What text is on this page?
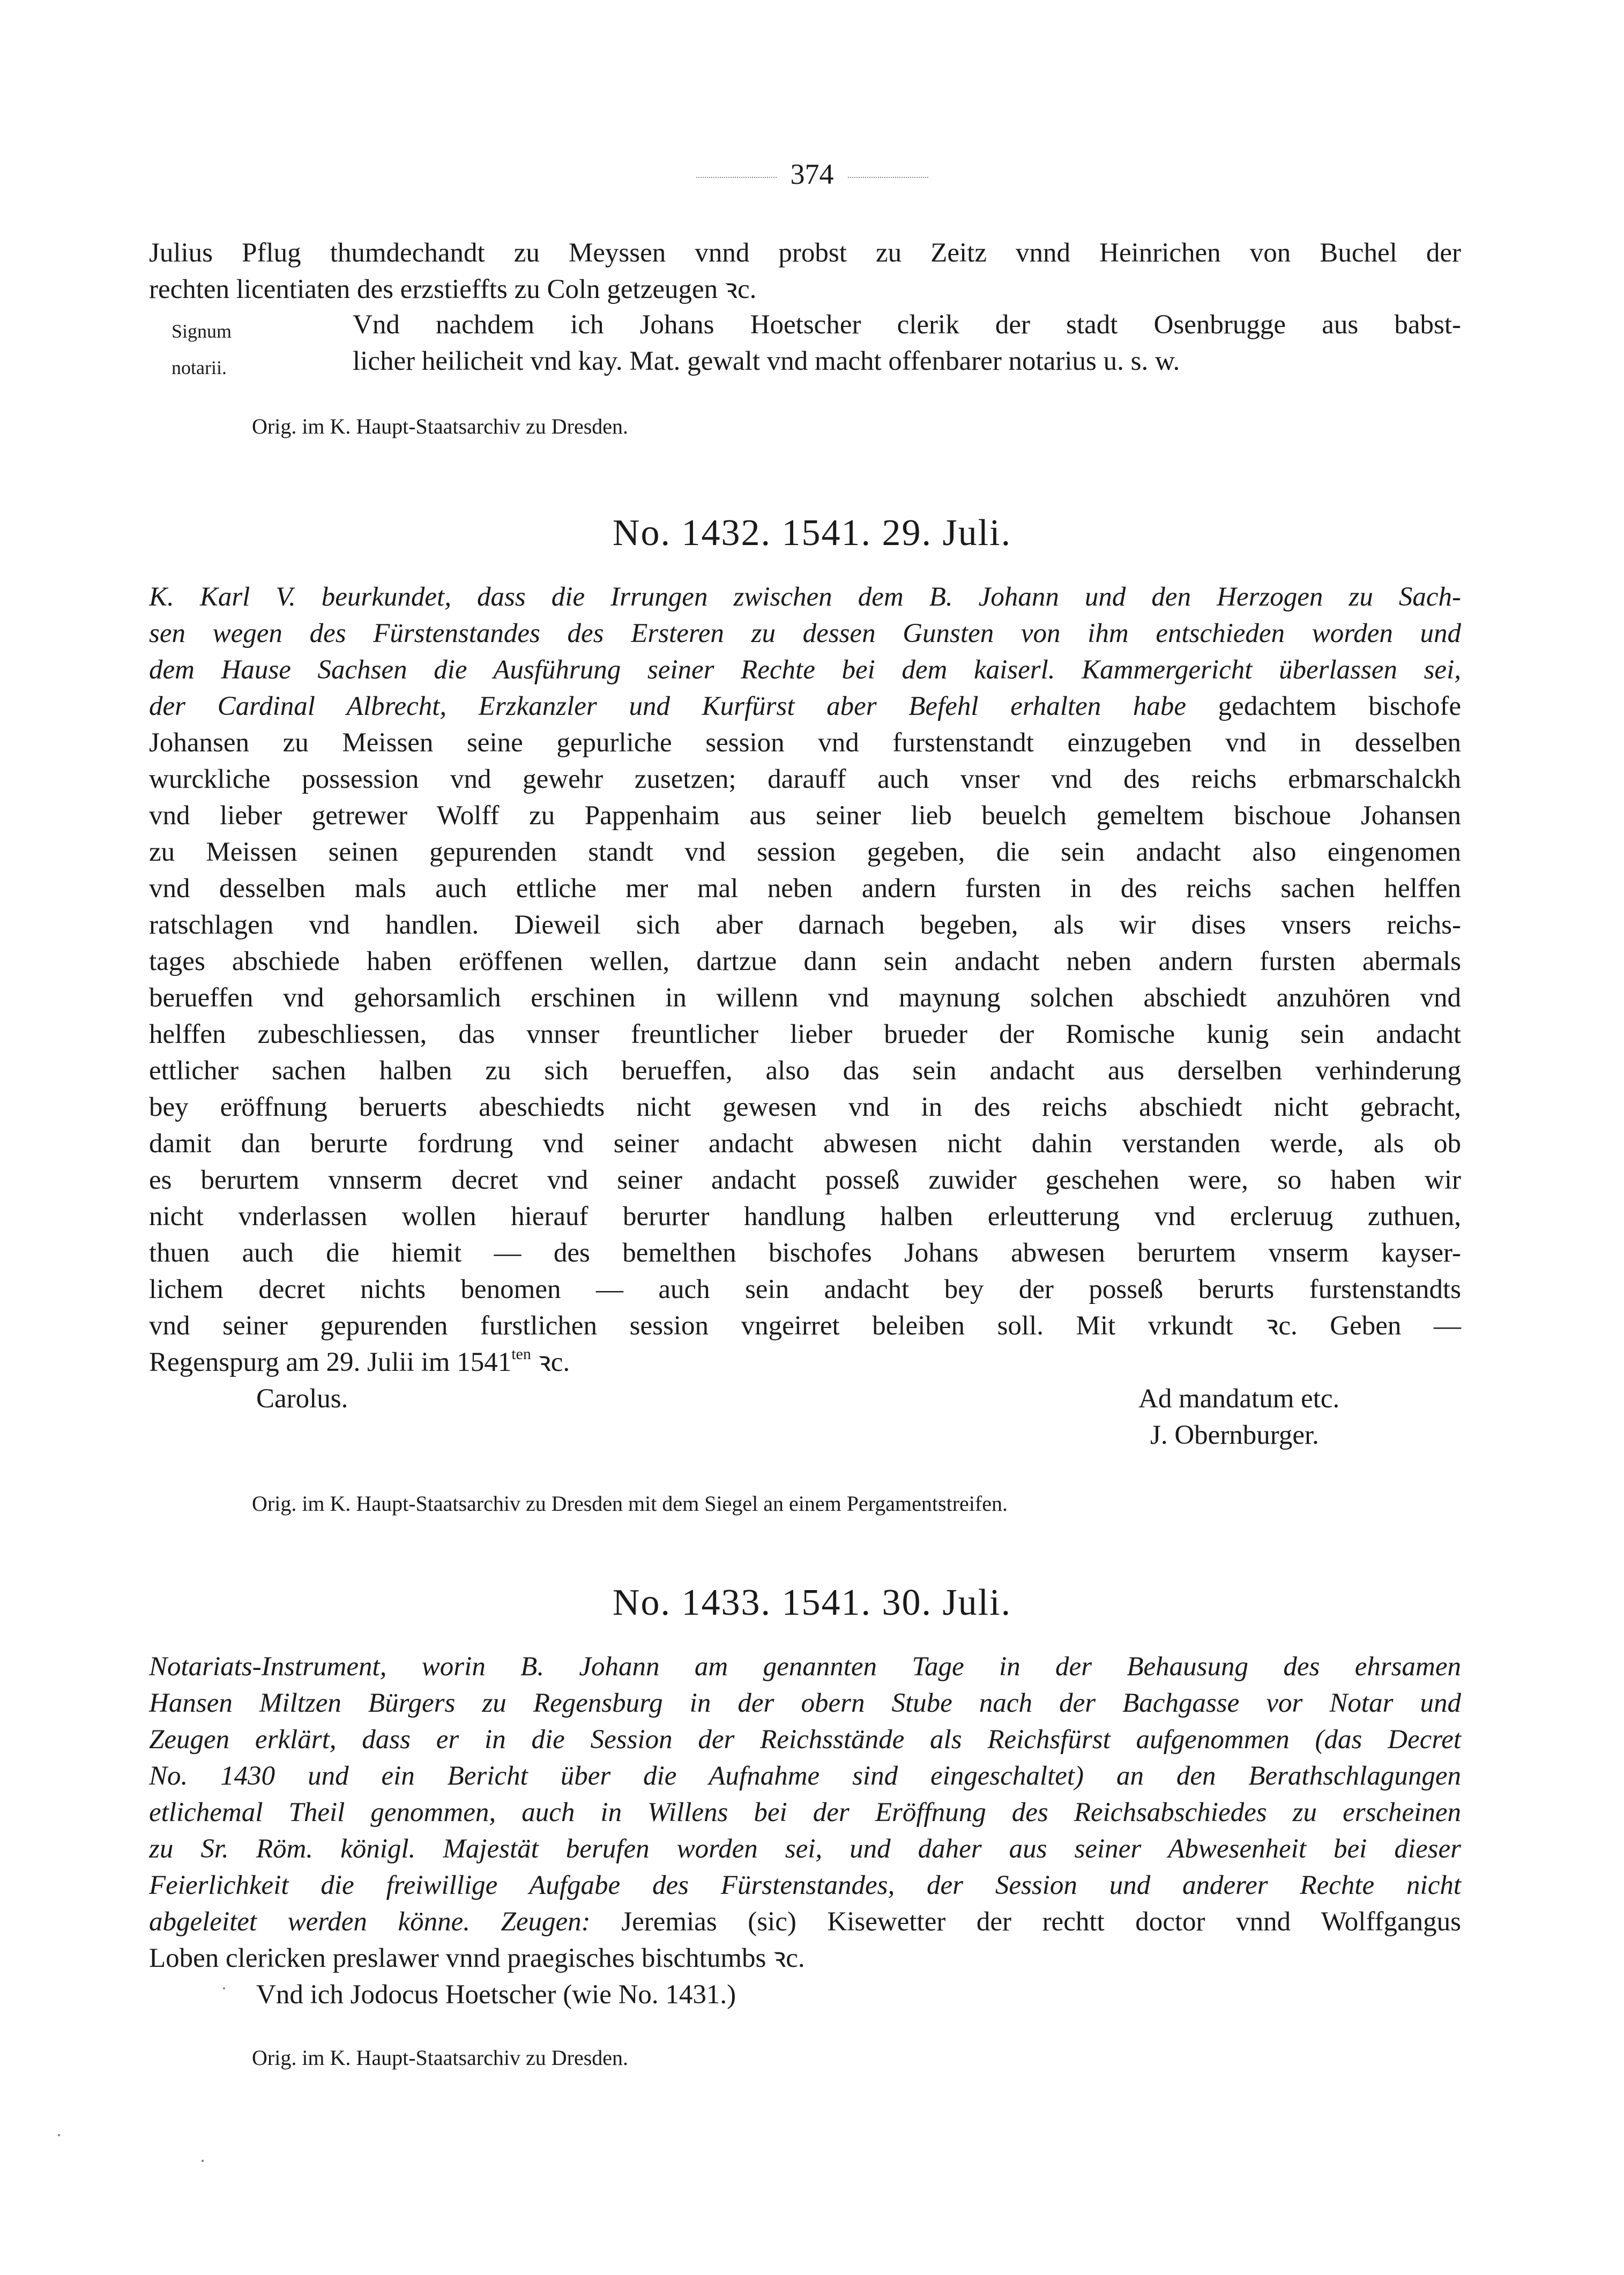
374

Julius Pflug thumdechandt zu Meyssen vnnd probst zu Zeitz vnnd Heinrichen von Buchel der

rechten licentiaten des erzstieffts zu Coln getzeugen ꝛc.

Signum
notarii.

Vnd nachdem ich Johans Hoetscher clerik der stadt Osenbrugge aus babst-

licher heilicheit vnd kay. Mat. gewalt vnd macht offenbarer notarius u. s. w.

Orig. im K. Haupt-Staatsarchiv zu Dresden.
No. 1432. 1541. 29. Juli.

K. Karl V. beurkundet, dass die Irrungen zwischen dem B. Johann und den Herzogen zu Sach-

sen wegen des Fürstenstandes des Ersteren zu dessen Gunsten von ihm entschieden worden und

dem Hause Sachsen die Ausführung seiner Rechte bei dem kaiserl. Kammergericht überlassen sei,

der Cardinal Albrecht, Erzkanzler und Kurfürst aber Befehl erhalten habe gedachtem bischofe

Johansen zu Meissen seine gepurliche session vnd furstenstandt einzugeben vnd in desselben

wurckliche possession vnd gewehr zusetzen; darauff auch vnser vnd des reichs erbmarschalckh

vnd lieber getrewer Wolff zu Pappenhaim aus seiner lieb beuelch gemeltem bischoue Johansen

zu Meissen seinen gepurenden standt vnd session gegeben, die sein andacht also eingenomen

vnd desselben mals auch ettliche mer mal neben andern fursten in des reichs sachen helffen

ratschlagen vnd handlen. Dieweil sich aber darnach begeben, als wir dises vnsers reichs-

tages abschiede haben eröffenen wellen, dartzue dann sein andacht neben andern fursten abermals

berueffen vnd gehorsamlich erschinen in willenn vnd maynung solchen abschiedt anzuhören vnd

helffen zubeschliessen, das vnnser freuntlicher lieber brueder der Romische kunig sein andacht

ettlicher sachen halben zu sich berueffen, also das sein andacht aus derselben verhinderung

bey eröffnung beruerts abeschiedts nicht gewesen vnd in des reichs abschiedt nicht gebracht,

damit dan berurte fordrung vnd seiner andacht abwesen nicht dahin verstanden werde, als ob

es berurtem vnnserm decret vnd seiner andacht posseß zuwider geschehen were, so haben wir

nicht vnderlassen wollen hierauf berurter handlung halben erleutterung vnd ercleruug zuthuen,

thuen auch die hiemit — des bemelthen bischofes Johans abwesen berurtem vnserm kayser-

lichem decret nichts benomen — auch sein andacht bey der posseß berurts furstenstandts

vnd seiner gepurenden furstlichen session vngeirret beleiben soll. Mit vrkundt ꝛc. Geben —

Regenspurg am 29. Julii im $1541^{ten}$ ꝛc.

Carolus.	Ad mandatum etc.
J. Obernburger.
Orig. im K. Haupt-Staatsarchiv zu Dresden mit dem Siegel an einem Pergamentstreifen.
No. 1433. 1541. 30. Juli.

Notariats-Instrument, worin B. Johann am genannten Tage in der Behausung des ehrsamen

Hansen Miltzen Bürgers zu Regensburg in der obern Stube nach der Bachgasse vor Notar und

Zeugen erklärt, dass er in die Session der Reichsstände als Reichsfürst aufgenommen (das Decret

No. 1430 und ein Bericht über die Aufnahme sind eingeschaltet) an den Berathschlagungen

etlichemal Theil genommen, auch in Willens bei der Eröffnung des Reichsabschiedes zu erscheinen

zu Sr. Röm. königl. Majestät berufen worden sei, und daher aus seiner Abwesenheit bei dieser

Feierlichkeit die freiwillige Aufgabe des Fürstenstandes, der Session und anderer Rechte nicht

abgeleitet werden könne. Zeugen: Jeremias (sic) Kisewetter der rechtt doctor vnnd Wolffgangus

Loben clericken preslawer vnnd praegisches bischtumbs ꝛc.

Vnd ich Jodocus Hoetscher (wie No. 1431.)
Orig. im K. Haupt-Staatsarchiv zu Dresden.
